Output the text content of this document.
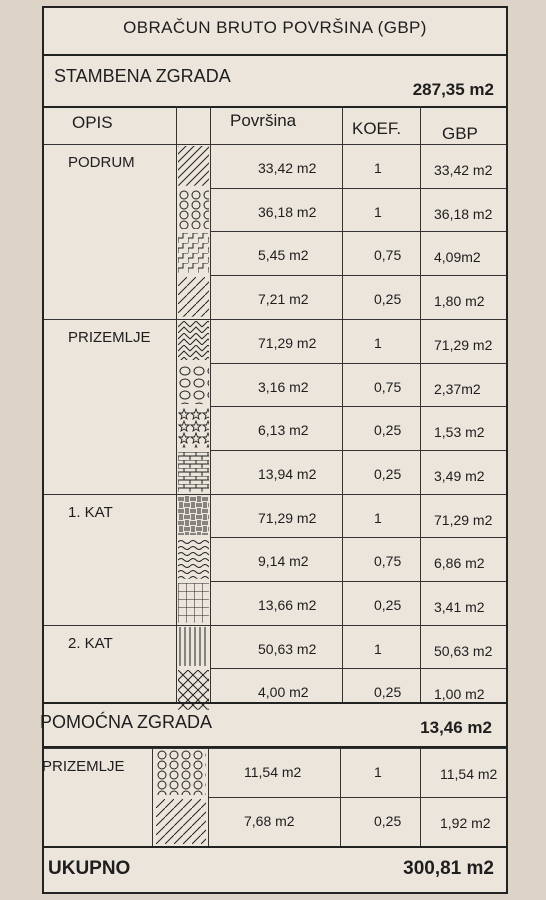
OBRAČUN BRUTO POVRŠINA (GBP)
STAMBENA ZGRADA
287,35 m2
OPIS	Površina	KOEF. GBP
PODRUM	33,42 m2	1	33,42 m2
36,18 m2	1	36,18 m2
5,45 m2	0,75 4,09m2
7,21 m2	0,25 1,80 m2
PRIZEMLJE	71,29 m2	1	71,29 m2
3,16 m2	0,75 2,37m2
6,13 m2	0,25 1,53 m2
13,94 m2	0,25 3,49 m2
1. KAT	71,29 m2	1	71,29 m2
9,14 m2	0,75 6,86 m2
13,66 m2	0,25 3,41 m2
2. KAT	50,63 m2	1	50,63 m2
4,00 m2	0,25 1,00 m2
POMOĆNA ZGRADA	13,46 m2
PRIZEMLJE	11,54 m2	1	11,54 m2
7,68 m2	0,25	1,92 m2
UKUPNO	300,81 m2
